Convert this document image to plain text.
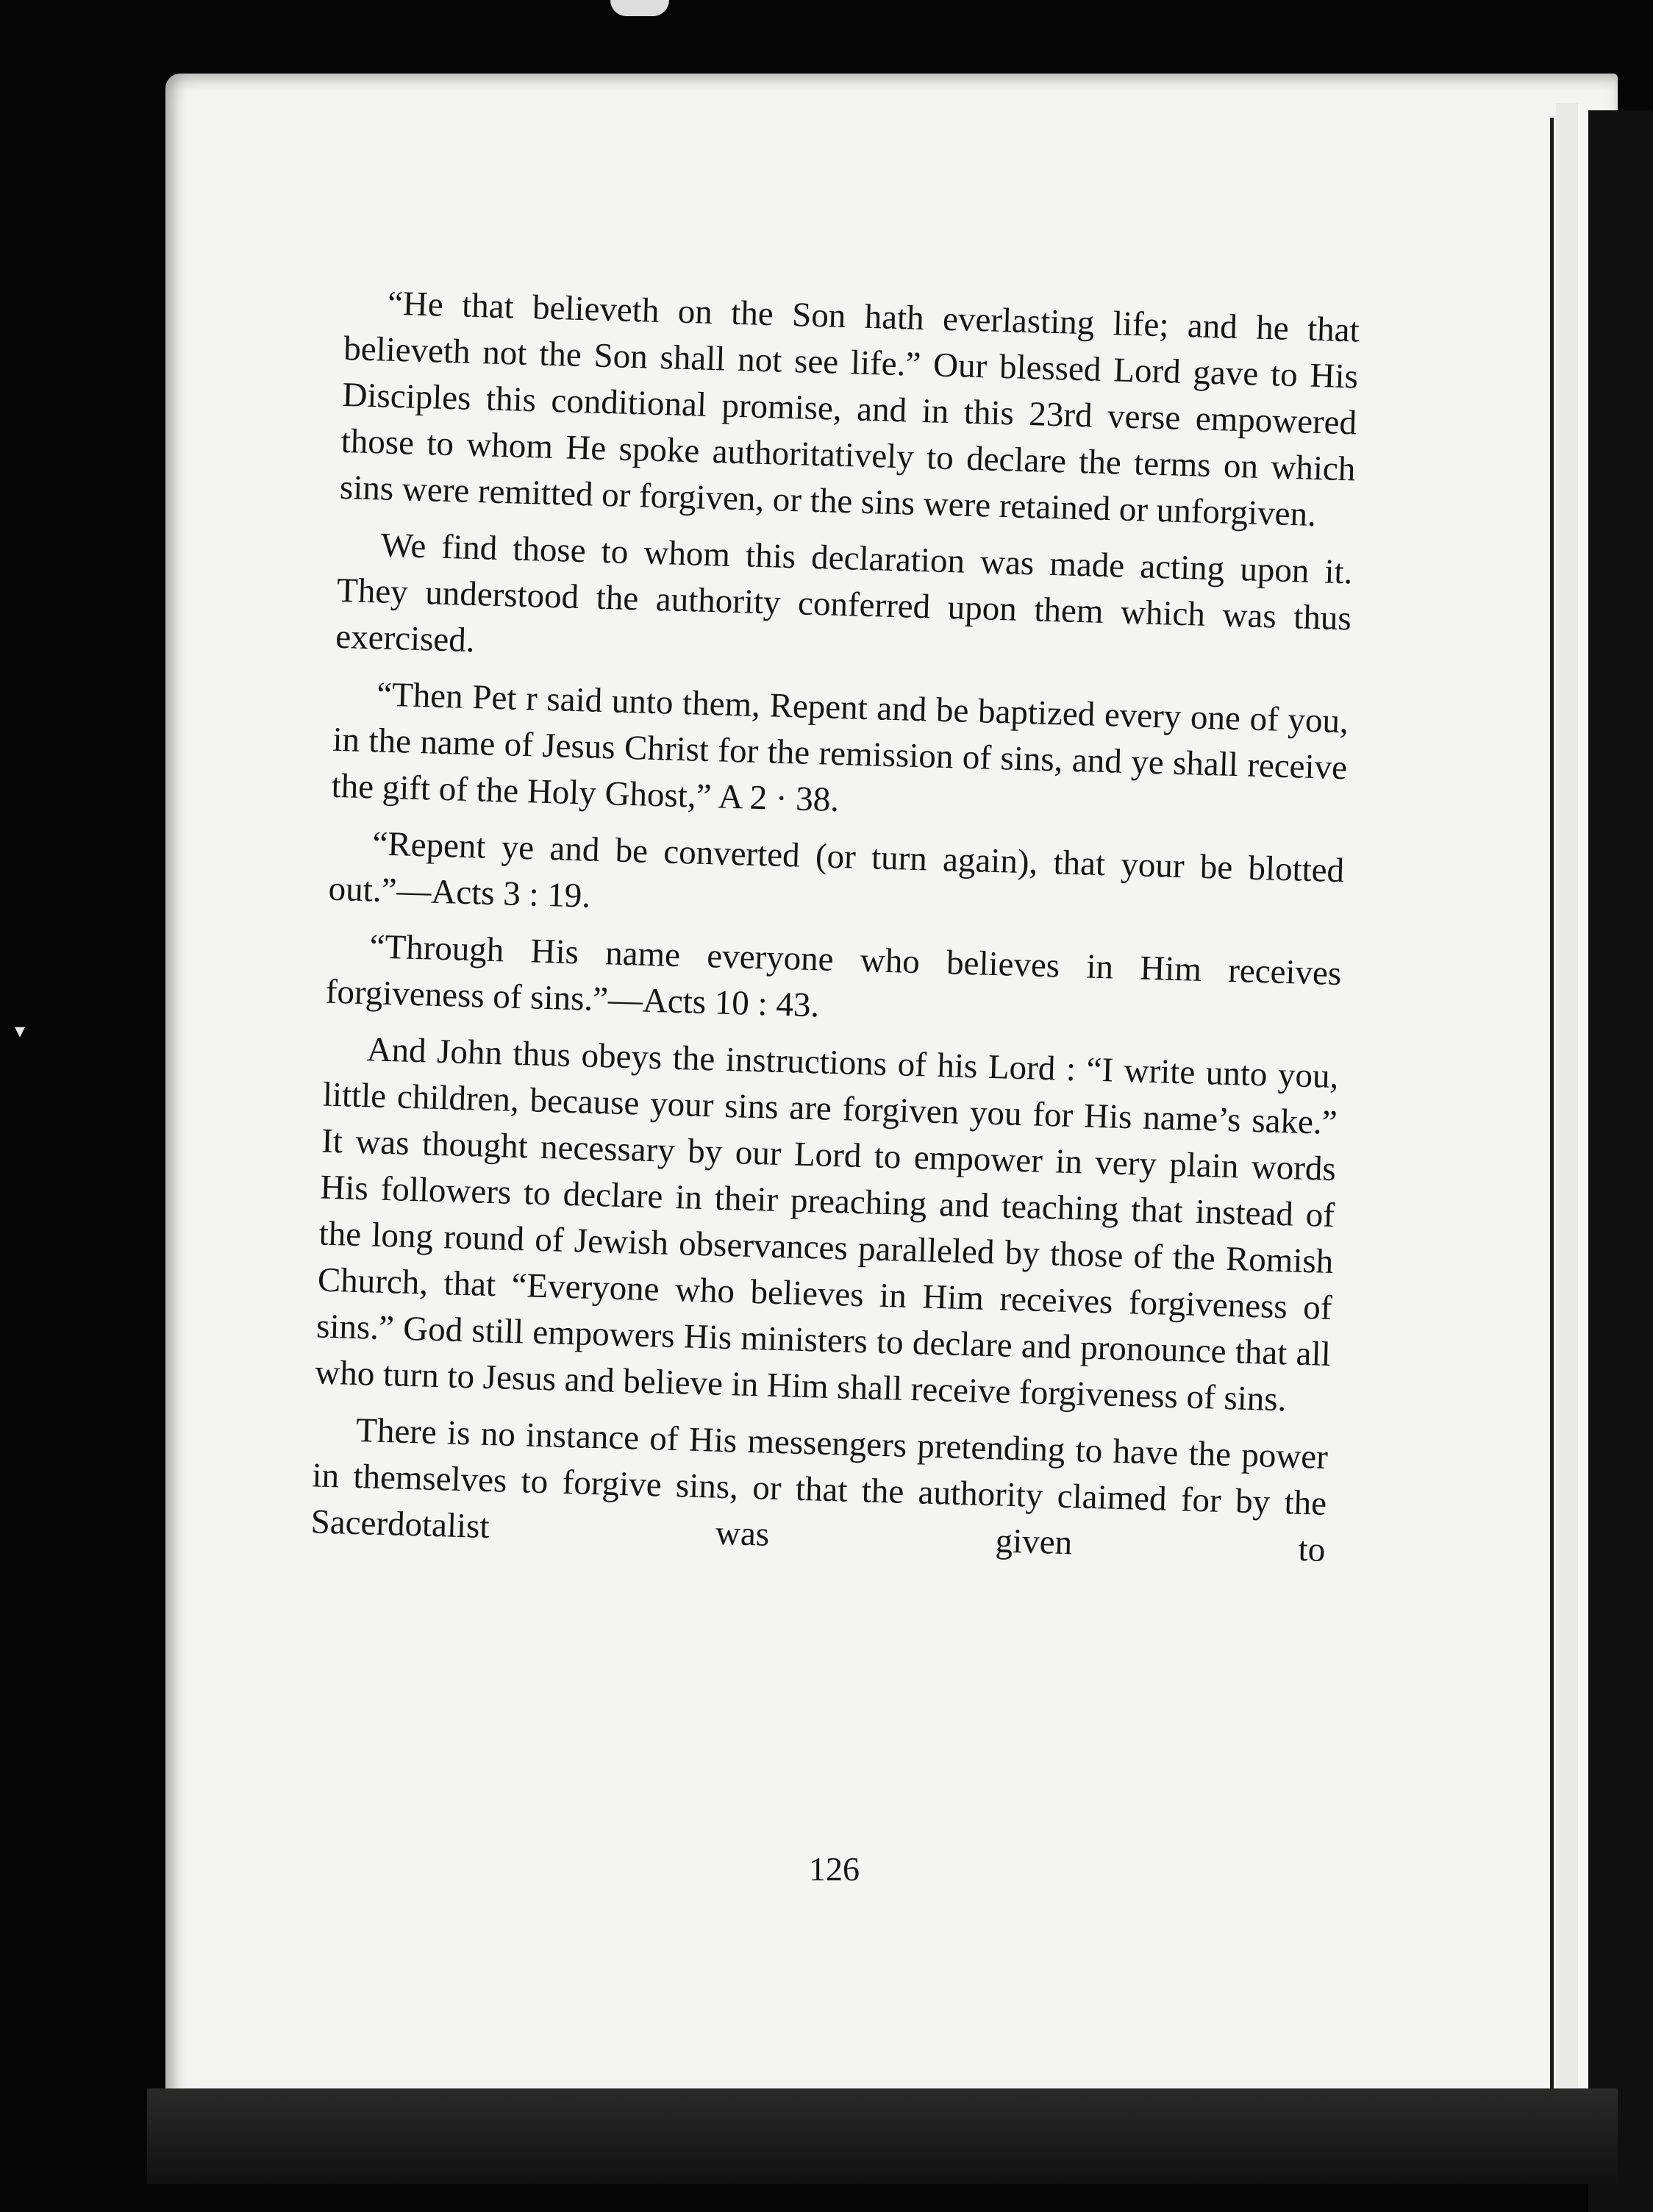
▾

“He that believeth on the Son hath everlasting life; and he that believeth not the Son shall not see life.” Our blessed Lord gave to His Disciples this conditional promise, and in this 23rd verse empowered those to whom He spoke authoritatively to declare the terms on which sins were remitted or forgiven, or the sins were retained or unforgiven.

We find those to whom this declaration was made acting upon it. They understood the authority conferred upon them which was thus exercised.

“Then Pet r said unto them, Repent and be baptized every one of you, in the name of Jesus Christ for the remission of sins, and ye shall receive the gift of the Holy Ghost,” A 2 · 38.

“Repent ye and be converted (or turn again), that your be blotted out.”—Acts 3 : 19.

“Through His name everyone who believes in Him receives forgiveness of sins.”—Acts 10 : 43.

And John thus obeys the instructions of his Lord : “I write unto you, little children, because your sins are forgiven you for His name’s sake.” It was thought necessary by our Lord to empower in very plain words His followers to declare in their preaching and teaching that instead of the long round of Jewish observances paralleled by those of the Romish Church, that “Everyone who believes in Him receives forgiveness of sins.” God still empowers His ministers to declare and pronounce that all who turn to Jesus and believe in Him shall receive forgiveness of sins.

There is no instance of His messengers pretending to have the power in themselves to forgive sins, or that the authority claimed for by the Sacerdotalist was given to

126
